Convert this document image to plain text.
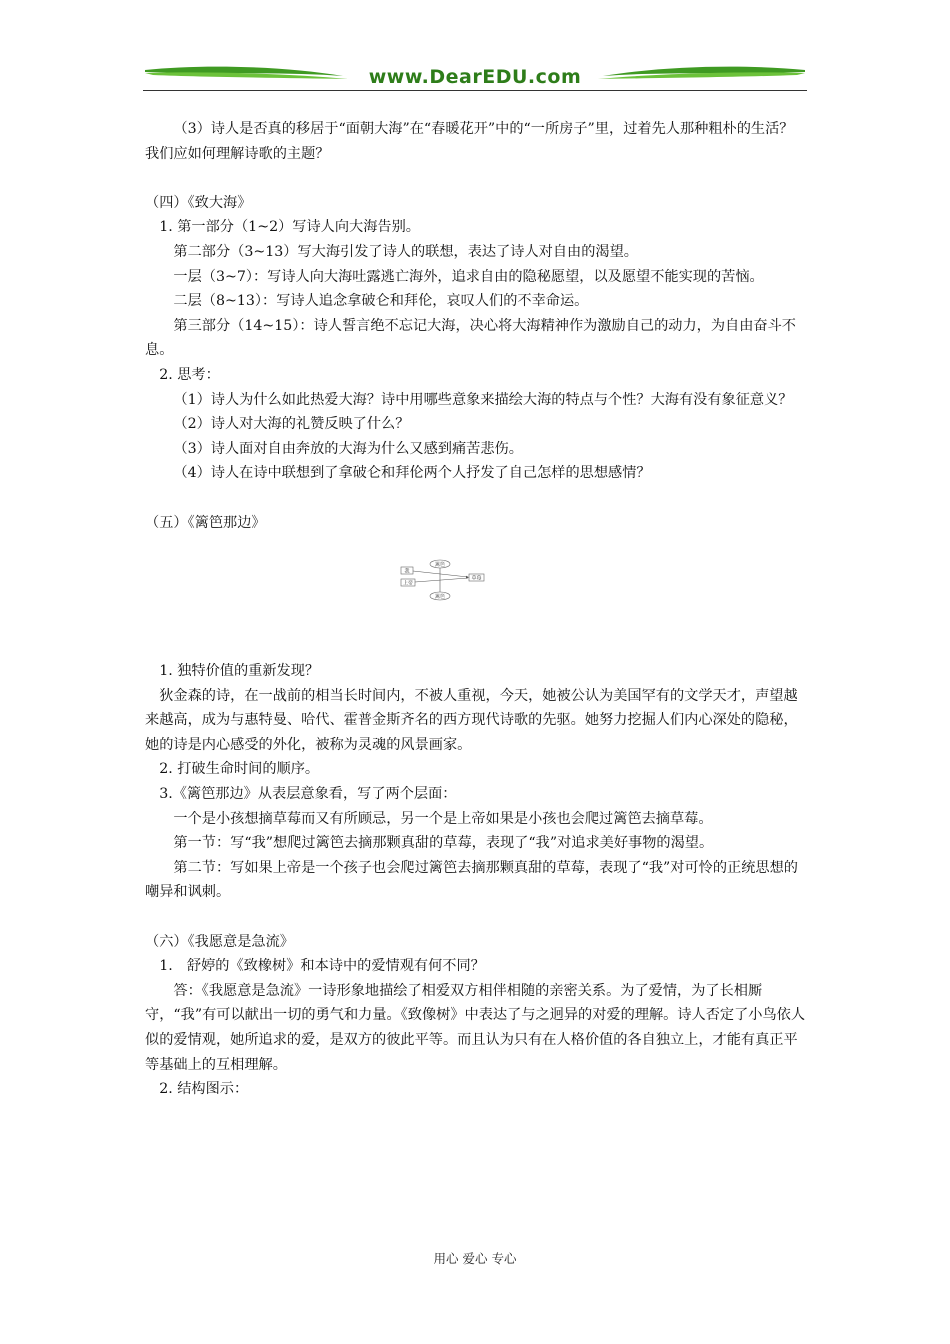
www.DearEDU.com

（3）诗人是否真的移居于“面朝大海”在“春暖花开”中的“一所房子”里，过着先人那种粗朴的生活？我们应如何理解诗歌的主题？

（四）《致大海》

1. 第一部分（1~2）写诗人向大海告别。

第二部分（3~13）写大海引发了诗人的联想，表达了诗人对自由的渴望。

一层（3~7）：写诗人向大海吐露逃亡海外，追求自由的隐秘愿望，以及愿望不能实现的苦恼。

二层（8~13）：写诗人追念拿破仑和拜伦，哀叹人们的不幸命运。

第三部分（14~15）：诗人誓言绝不忘记大海，决心将大海精神作为激励自己的动力，为自由奋斗不息。

2. 思考：

（1）诗人为什么如此热爱大海？诗中用哪些意象来描绘大海的特点与个性？大海有没有象征意义？

（2）诗人对大海的礼赞反映了什么？

（3）诗人面对自由奔放的大海为什么又感到痛苦悲伤。

（4）诗人在诗中联想到了拿破仑和拜伦两个人抒发了自己怎样的思想感情？

（五）《篱笆那边》

我
上帝
篱笆
篱笆
草莓

1. 独特价值的重新发现？

狄金森的诗，在一战前的相当长时间内，不被人重视，今天，她被公认为美国罕有的文学天才，声望越来越高，成为与惠特曼、哈代、霍普金斯齐名的西方现代诗歌的先驱。她努力挖掘人们内心深处的隐秘，她的诗是内心感受的外化，被称为灵魂的风景画家。

2. 打破生命时间的顺序。

3.《篱笆那边》从表层意象看，写了两个层面：

一个是小孩想摘草莓而又有所顾忌，另一个是上帝如果是小孩也会爬过篱笆去摘草莓。

第一节：写“我”想爬过篱笆去摘那颗真甜的草莓，表现了“我”对追求美好事物的渴望。

第二节：写如果上帝是一个孩子也会爬过篱笆去摘那颗真甜的草莓，表现了“我”对可怜的正统思想的嘲异和讽刺。

（六）《我愿意是急流》

1.　舒婷的《致橡树》和本诗中的爱情观有何不同？

答：《我愿意是急流》一诗形象地描绘了相爱双方相伴相随的亲密关系。为了爱情，为了长相厮守，“我”有可以献出一切的勇气和力量。《致像树》中表达了与之迥异的对爱的理解。诗人否定了小鸟依人似的爱情观，她所追求的爱，是双方的彼此平等。而且认为只有在人格价值的各自独立上，才能有真正平等基础上的互相理解。

2. 结构图示：

用心 爱心 专心
